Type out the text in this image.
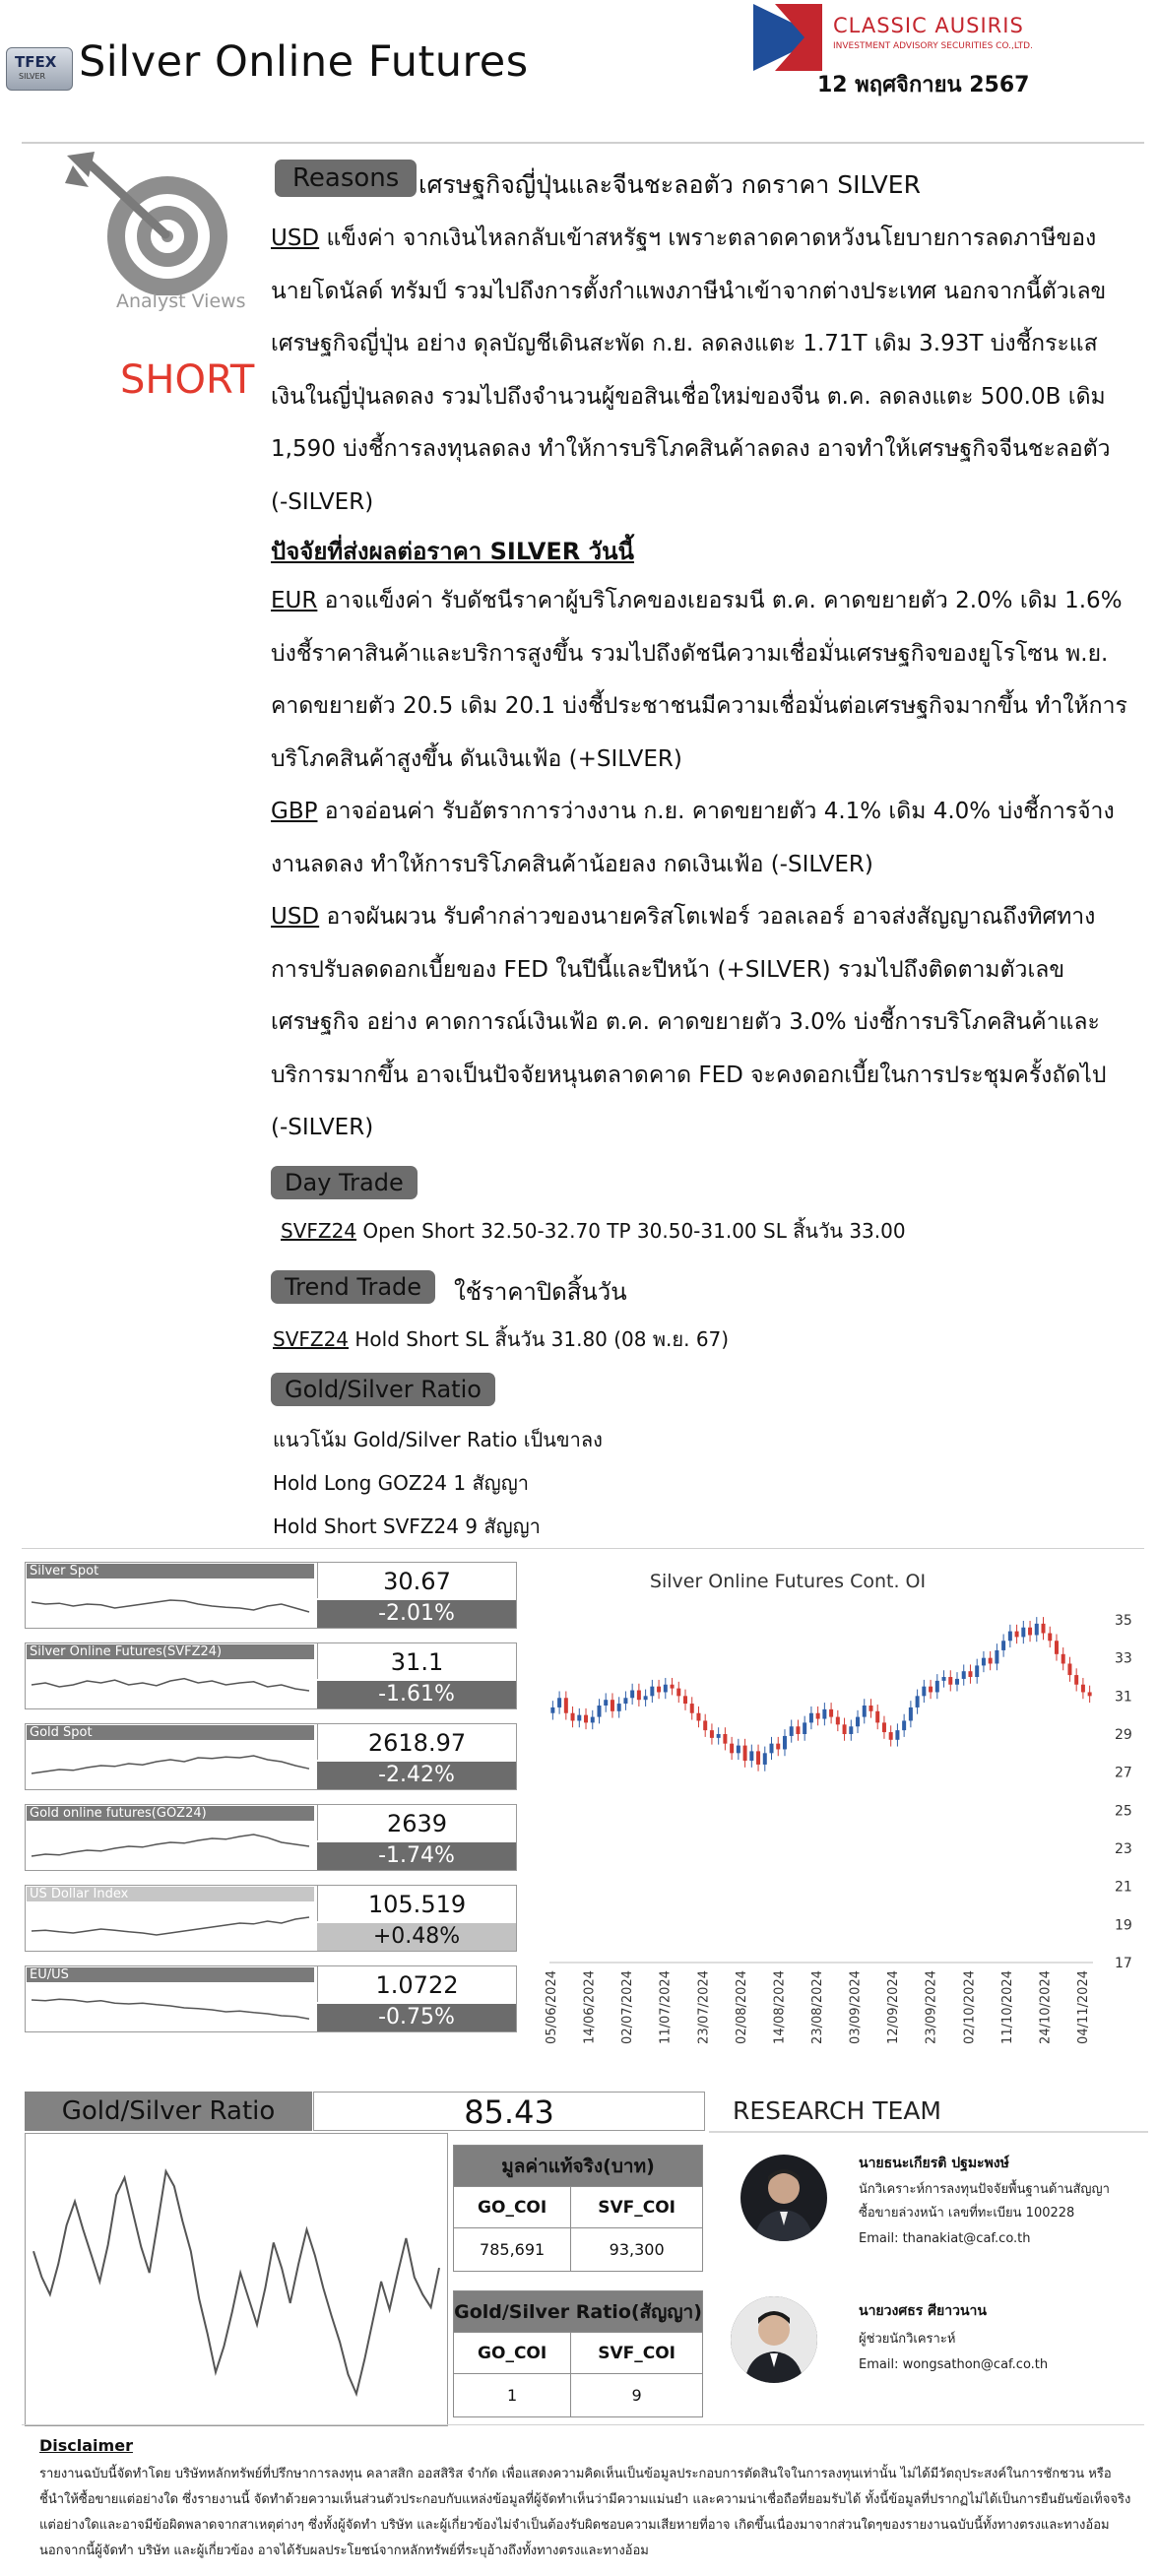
TFEX
SILVER Silver Online Futures
CLASSIC AUSIRIS
INVESTMENT ADVISORY SECURITIES CO.,LTD.
12 พฤศจิกายน 2567
Analyst Views
SHORT
Reasons เศรษฐกิจญี่ปุ่นและจีนชะลอตัว กดราคา SILVER
USD แข็งค่า จากเงินไหลกลับเข้าสหรัฐฯ เพราะตลาดคาดหวังนโยบายการลดภาษีของนายโดนัลด์ ทรัมป์ รวมไปถึงการตั้งกำแพงภาษีนำเข้าจากต่างประเทศ นอกจากนี้ตัวเลขเศรษฐกิจญี่ปุ่น อย่าง ดุลบัญชีเดินสะพัด ก.ย. ลดลงแตะ 1.71T เดิม 3.93T บ่งชี้กระแสเงินในญี่ปุ่นลดลง รวมไปถึงจำนวนผู้ขอสินเชื่อใหม่ของจีน ต.ค. ลดลงแตะ 500.0B เดิม 1,590 บ่งชี้การลงทุนลดลง ทำให้การบริโภคสินค้าลดลง อาจทำให้เศรษฐกิจจีนชะลอตัว (-SILVER)
ปัจจัยที่ส่งผลต่อราคา SILVER วันนี้
EUR อาจแข็งค่า รับดัชนีราคาผู้บริโภคของเยอรมนี ต.ค. คาดขยายตัว 2.0% เดิม 1.6% บ่งชี้ราคาสินค้าและบริการสูงขึ้น รวมไปถึงดัชนีความเชื่อมั่นเศรษฐกิจของยูโรโซน พ.ย. คาดขยายตัว 20.5 เดิม 20.1 บ่งชี้ประชาชนมีความเชื่อมั่นต่อเศรษฐกิจมากขึ้น ทำให้การบริโภคสินค้าสูงขึ้น ดันเงินเฟ้อ (+SILVER)
GBP อาจอ่อนค่า รับอัตราการว่างงาน ก.ย. คาดขยายตัว 4.1% เดิม 4.0% บ่งชี้การจ้างงานลดลง ทำให้การบริโภคสินค้าน้อยลง กดเงินเฟ้อ (-SILVER)
USD อาจผันผวน รับคำกล่าวของนายคริสโตเฟอร์ วอลเลอร์ อาจส่งสัญญาณถึงทิศทางการปรับลดดอกเบี้ยของ FED ในปีนี้และปีหน้า (+SILVER) รวมไปถึงติดตามตัวเลขเศรษฐกิจ อย่าง คาดการณ์เงินเฟ้อ ต.ค. คาดขยายตัว 3.0% บ่งชี้การบริโภคสินค้าและบริการมากขึ้น อาจเป็นปัจจัยหนุนตลาดคาด FED จะคงดอกเบี้ยในการประชุมครั้งถัดไป (-SILVER)
Day Trade
SVFZ24 Open Short 32.50-32.70 TP 30.50-31.00 SL สิ้นวัน 33.00
Trend Trade	ใช้ราคาปิดสิ้นวัน
SVFZ24 Hold Short SL สิ้นวัน 31.80 (08 พ.ย. 67)
Gold/Silver Ratio
แนวโน้ม Gold/Silver Ratio เป็นขาลง
Hold Long GOZ24 1 สัญญา
Hold Short SVFZ24 9 สัญญา
Silver Spot	30.67
-2.01%
Silver Online Futures(SVFZ24)	31.1
-1.61%
Gold Spot	2618.97
-2.42%
Gold online futures(GOZ24)	2639
-1.74%
US Dollar Index	105.519
+0.48%
EU/US	1.0722
-0.75%
Silver Online Futures Cont. OI
35
33
31
29
27
25
23
21
19
17
05/06/2024 14/06/2024 02/07/2024 11/07/2024 23/07/2024 02/08/2024 14/08/2024 23/08/2024 03/09/2024 12/09/2024 23/09/2024 02/10/2024 11/10/2024 24/10/2024 04/11/2024
Gold/Silver Ratio	85.43
มูลค่าแท้จริง(บาท)	
GO_COI	SVF_COI
785,691	93,300
Gold/Silver Ratio(สัญญา)	
GO_COI	SVF_COI
1	9
RESEARCH TEAM
นายธนะเกียรติ ปฐมะพงษ์
นักวิเคราะห์การลงทุนปัจจัยพื้นฐานด้านสัญญา
ซื้อขายล่วงหน้า เลขที่ทะเบียน 100228
Email: thanakiat@caf.co.th
นายวงศธร ศียาวนาน
ผู้ช่วยนักวิเคราะห์
Email: wongsathon@caf.co.th
Disclaimer
รายงานฉบับนี้จัดทำโดย บริษัทหลักทรัพย์ที่ปรึกษาการลงทุน คลาสสิก ออสสิริส จำกัด เพื่อแสดงความคิดเห็นเป็นข้อมูลประกอบการตัดสินใจในการลงทุนเท่านั้น ไม่ได้มีวัตถุประสงค์ในการชักชวน หรือชี้นำให้ซื้อขายแต่อย่างใด ซึ่งรายงานนี้ จัดทำด้วยความเห็นส่วนตัวประกอบกับแหล่งข้อมูลที่ผู้จัดทำเห็นว่ามีความแม่นยำ และความน่าเชื่อถือที่ยอมรับได้ ทั้งนี้ข้อมูลที่ปรากฏไม่ได้เป็นการยืนยันข้อเท็จจริงแต่อย่างใดและอาจมีข้อผิดพลาดจากสาเหตุต่างๆ ซึ่งทั้งผู้จัดทำ บริษัท และผู้เกี่ยวข้องไม่จำเป็นต้องรับผิดชอบความเสียหายที่อาจ เกิดขึ้นเนื่องมาจากส่วนใดๆของรายงานฉบับนี้ทั้งทางตรงและทางอ้อม นอกจากนี้ผู้จัดทำ บริษัท และผู้เกี่ยวข้อง อาจได้รับผลประโยชน์จากหลักทรัพย์ที่ระบุอ้างถึงทั้งทางตรงและทางอ้อม
